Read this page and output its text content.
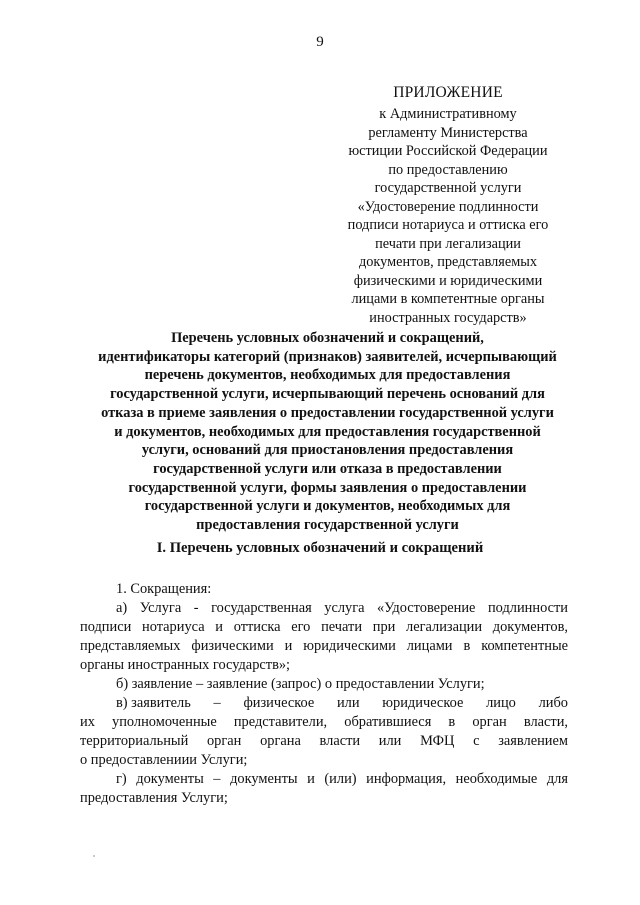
9
ПРИЛОЖЕНИЕ
к Административному
регламенту Министерства
юстиции Российской Федерации
по предоставлению
государственной услуги
«Удостоверение подлинности
подписи нотариуса и оттиска его
печати при легализации
документов, представляемых
физическими и юридическими
лицами в компетентные органы
иностранных государств»
Перечень условных обозначений и сокращений,
идентификаторы категорий (признаков) заявителей, исчерпывающий
перечень документов, необходимых для предоставления
государственной услуги, исчерпывающий перечень оснований для
отказа в приеме заявления о предоставлении государственной услуги
и документов, необходимых для предоставления государственной
услуги, оснований для приостановления предоставления
государственной услуги или отказа в предоставлении
государственной услуги, формы заявления о предоставлении
государственной услуги и документов, необходимых для
предоставления государственной услуги
I. Перечень условных обозначений и сокращений
1. Сокращения:
а) Услуга - государственная услуга «Удостоверение подлинности
подписи нотариуса и оттиска его печати при легализации документов,
представляемых физическими и юридическими лицами в компетентные
органы иностранных государств»;
б) заявление – заявление (запрос) о предоставлении Услуги;
в) заявитель – физическое или юридическое лицо либо
их уполномоченные представители, обратившиеся в орган власти,
территориальный орган органа власти или МФЦ с заявлением
о предоставлениии Услуги;
г) документы – документы и (или) информация, необходимые для
предоставления Услуги;
